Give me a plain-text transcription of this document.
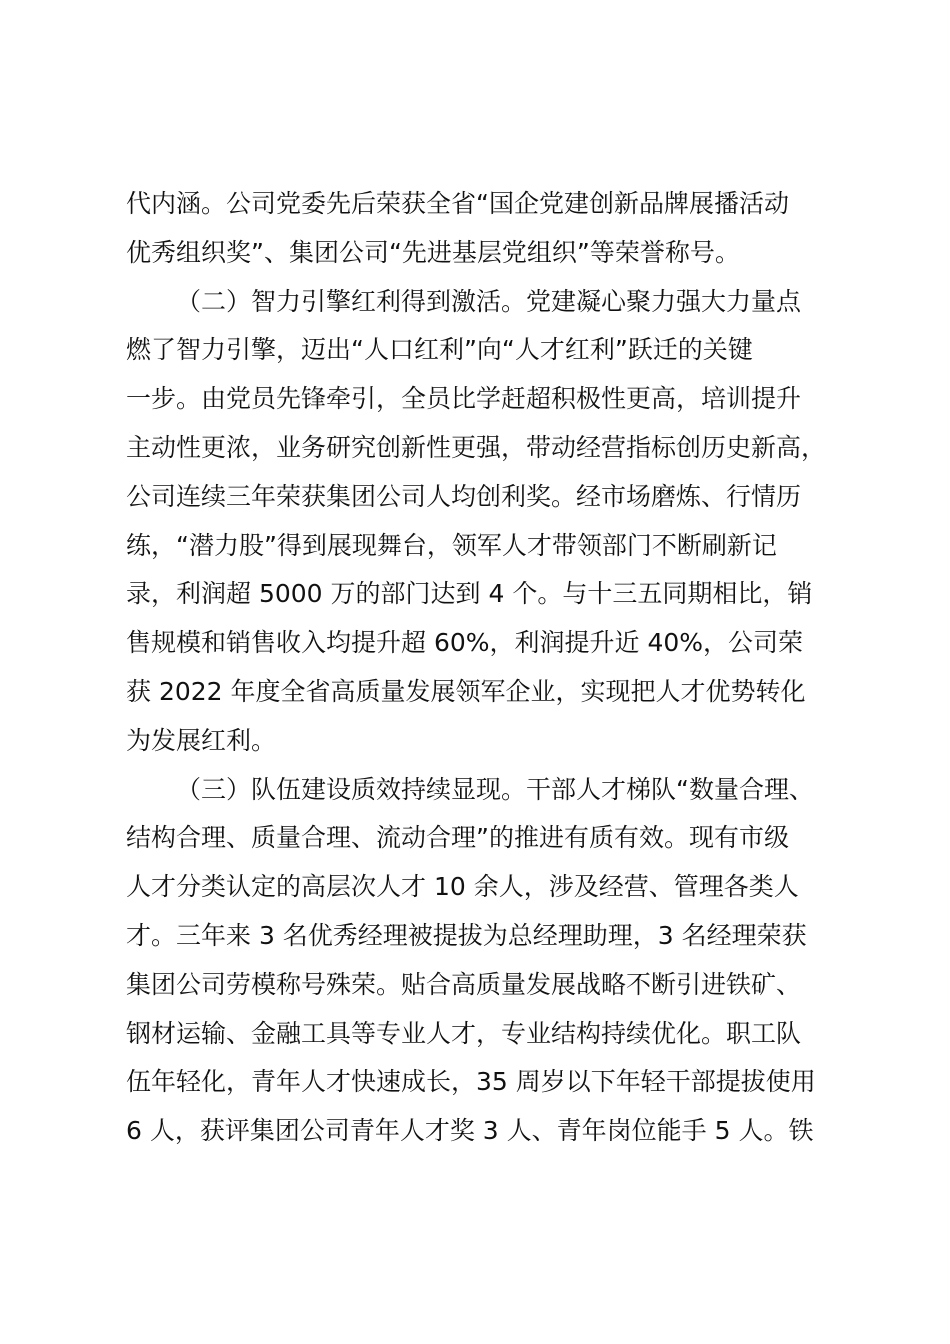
代内涵。公司党委先后荣获全省“国企党建创新品牌展播活动
优秀组织奖”、集团公司“先进基层党组织”等荣誉称号。
（二）智力引擎红利得到激活。党建凝心聚力强大力量点
燃了智力引擎，迈出“人口红利”向“人才红利”跃迁的关键
一步。由党员先锋牵引，全员比学赶超积极性更高，培训提升
主动性更浓，业务研究创新性更强，带动经营指标创历史新高，
公司连续三年荣获集团公司人均创利奖。经市场磨炼、行情历
练，“潜力股”得到展现舞台，领军人才带领部门不断刷新记
录，利润超 5000 万的部门达到 4 个。与十三五同期相比，销
售规模和销售收入均提升超 60%，利润提升近 40%，公司荣
获 2022 年度全省高质量发展领军企业，实现把人才优势转化
为发展红利。
（三）队伍建设质效持续显现。干部人才梯队“数量合理、
结构合理、质量合理、流动合理”的推进有质有效。现有市级
人才分类认定的高层次人才 10 余人，涉及经营、管理各类人
才。三年来 3 名优秀经理被提拔为总经理助理，3 名经理荣获
集团公司劳模称号殊荣。贴合高质量发展战略不断引进铁矿、
钢材运输、金融工具等专业人才，专业结构持续优化。职工队
伍年轻化，青年人才快速成长，35 周岁以下年轻干部提拔使用
6 人，获评集团公司青年人才奖 3 人、青年岗位能手 5 人。铁
